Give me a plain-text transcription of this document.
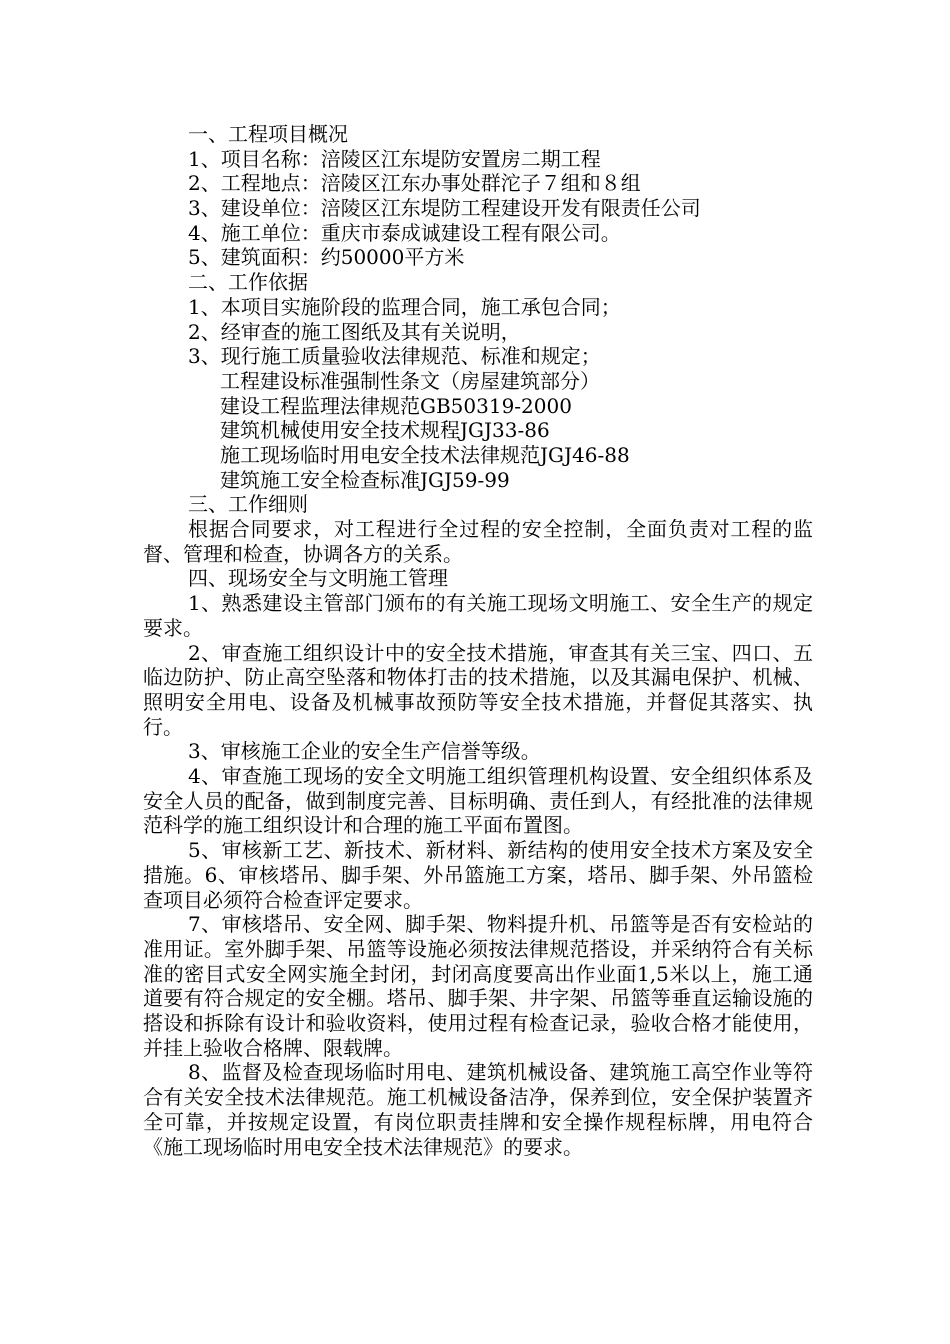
一、工程项目概况
1、项目名称：涪陵区江东堤防安置房二期工程
2、工程地点：涪陵区江东办事处群沱子７组和８组
3、建设单位：涪陵区江东堤防工程建设开发有限责任公司
4、施工单位：重庆市泰成诚建设工程有限公司。
5、建筑面积：约50000平方米
二、工作依据
1、本项目实施阶段的监理合同，施工承包合同；
2、经审查的施工图纸及其有关说明，
3、现行施工质量验收法律规范、标准和规定；
工程建设标准强制性条文（房屋建筑部分）
建设工程监理法律规范GB50319-2000
建筑机械使用安全技术规程JGJ33-86
施工现场临时用电安全技术法律规范JGJ46-88
建筑施工安全检查标准JGJ59-99
三、工作细则
根据合同要求，对工程进行全过程的安全控制，全面负责对工程的监督、管理和检查，协调各方的关系。
四、现场安全与文明施工管理
1、熟悉建设主管部门颁布的有关施工现场文明施工、安全生产的规定要求。
2、审查施工组织设计中的安全技术措施，审查其有关三宝、四口、五临边防护、防止高空坠落和物体打击的技术措施，以及其漏电保护、机械、照明安全用电、设备及机械事故预防等安全技术措施，并督促其落实、执行。
3、审核施工企业的安全生产信誉等级。
4、审查施工现场的安全文明施工组织管理机构设置、安全组织体系及安全人员的配备，做到制度完善、目标明确、责任到人，有经批准的法律规范科学的施工组织设计和合理的施工平面布置图。
5、审核新工艺、新技术、新材料、新结构的使用安全技术方案及安全措施。6、审核塔吊、脚手架、外吊篮施工方案，塔吊、脚手架、外吊篮检查项目必须符合检查评定要求。
7、审核塔吊、安全网、脚手架、物料提升机、吊篮等是否有安检站的准用证。室外脚手架、吊篮等设施必须按法律规范搭设，并采纳符合有关标准的密目式安全网实施全封闭，封闭高度要高出作业面1,5米以上，施工通道要有符合规定的安全棚。塔吊、脚手架、井字架、吊篮等垂直运输设施的搭设和拆除有设计和验收资料，使用过程有检查记录，验收合格才能使用，并挂上验收合格牌、限载牌。
8、监督及检查现场临时用电、建筑机械设备、建筑施工高空作业等符合有关安全技术法律规范。施工机械设备洁净，保养到位，安全保护装置齐全可靠，并按规定设置，有岗位职责挂牌和安全操作规程标牌，用电符合《施工现场临时用电安全技术法律规范》的要求。
